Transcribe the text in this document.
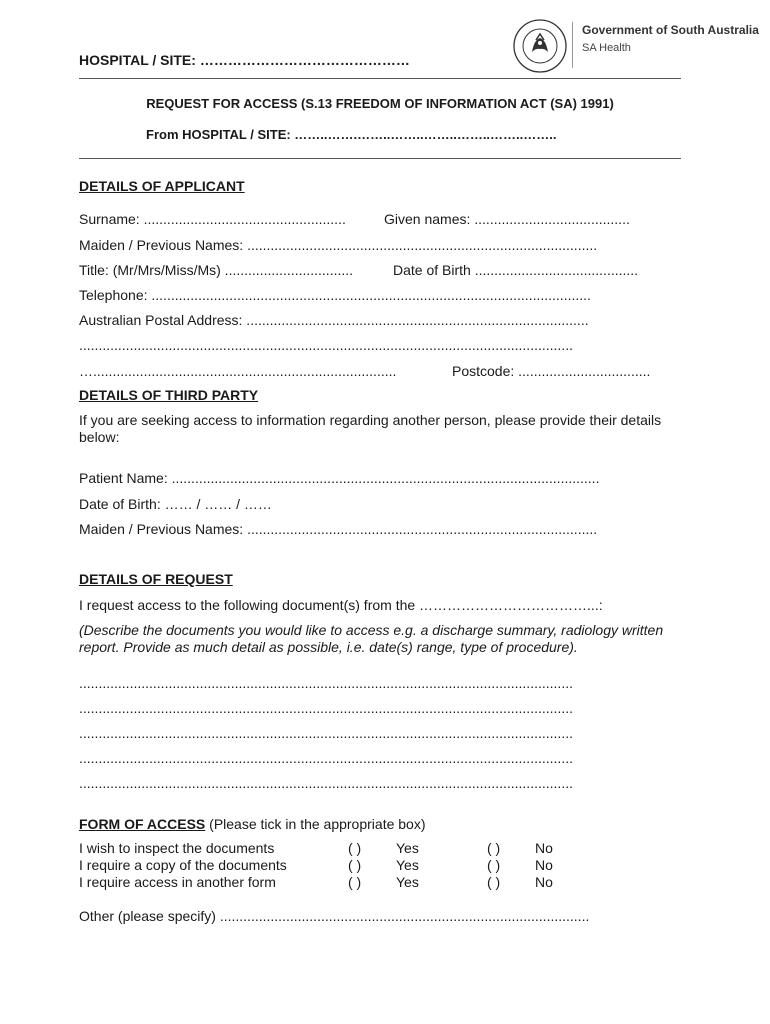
HOSPITAL / SITE: ………………………………………
Government of South Australia
SA Health
REQUEST FOR ACCESS (S.13 FREEDOM OF INFORMATION ACT (SA) 1991)
From HOSPITAL / SITE: ……..…….……..……..……..……..……..……..
DETAILS OF APPLICANT
Surname: ....................................................	Given names: ........................................
Maiden / Previous Names: ..........................................................................................
Title: (Mr/Mrs/Miss/Ms) .................................	Date of Birth ..........................................
Telephone: .................................................................................................................
Australian Postal Address: ........................................................................................
...............................................................................................................................
…..............................................................................	Postcode: ..................................
DETAILS OF THIRD PARTY
If you are seeking access to information regarding another person, please provide their details below:
Patient Name: ..............................................................................................................
Date of Birth: …… / …… / ……
Maiden / Previous Names: ..........................................................................................
DETAILS OF REQUEST
I request access to the following document(s) from the ………………………………...:
(Describe the documents you would like to access e.g. a discharge summary, radiology written report. Provide as much detail as possible, i.e. date(s) range, type of procedure).
...............................................................................................................................
...............................................................................................................................
...............................................................................................................................
...............................................................................................................................
...............................................................................................................................
FORM OF ACCESS (Please tick in the appropriate box)
I wish to inspect the documents	( ) Yes	( ) No
I require a copy of the documents	( ) Yes	( ) No
I require access in another form	( ) Yes	( ) No
Other (please specify) ...............................................................................................
